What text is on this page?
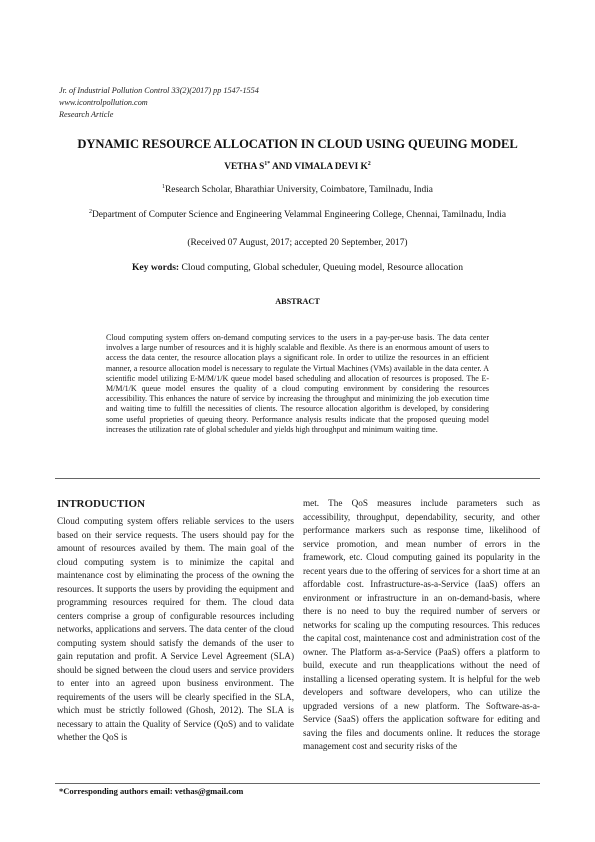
Jr. of Industrial Pollution Control 33(2)(2017) pp 1547-1554
www.icontrolpollution.com
Research Article
DYNAMIC RESOURCE ALLOCATION IN CLOUD USING QUEUING MODEL
VETHA $S^{1*}$ AND VIMALA DEVI $K^2$
$^1$Research Scholar, Bharathiar University, Coimbatore, Tamilnadu, India
$^2$Department of Computer Science and Engineering Velammal Engineering College, Chennai, Tamilnadu, India
(Received 07 August, 2017; accepted 20 September, 2017)
Key words: Cloud computing, Global scheduler, Queuing model, Resource allocation
ABSTRACT
Cloud computing system offers on-demand computing services to the users in a pay-per-use basis. The data center involves a large number of resources and it is highly scalable and flexible. As there is an enormous amount of users to access the data center, the resource allocation plays a significant role. In order to utilize the resources in an efficient manner, a resource allocation model is necessary to regulate the Virtual Machines (VMs) available in the data center. A scientific model utilizing E-M/M/1/K queue model based scheduling and allocation of resources is proposed. The E-M/M/1/K queue model ensures the quality of a cloud computing environment by considering the resources accessibility. This enhances the nature of service by increasing the throughput and minimizing the job execution time and waiting time to fulfill the necessities of clients. The resource allocation algorithm is developed, by considering some useful proprieties of queuing theory. Performance analysis results indicate that the proposed queuing model increases the utilization rate of global scheduler and yields high throughput and minimum waiting time.
INTRODUCTION
Cloud computing system offers reliable services to the users based on their service requests. The users should pay for the amount of resources availed by them. The main goal of the cloud computing system is to minimize the capital and maintenance cost by eliminating the process of the owning the resources. It supports the users by providing the equipment and programming resources required for them. The cloud data centers comprise a group of configurable resources including networks, applications and servers. The data center of the cloud computing system should satisfy the demands of the user to gain reputation and profit. A Service Level Agreement (SLA) should be signed between the cloud users and service providers to enter into an agreed upon business environment. The requirements of the users will be clearly specified in the SLA, which must be strictly followed (Ghosh, 2012). The SLA is necessary to attain the Quality of Service (QoS) and to validate whether the QoS is
met. The QoS measures include parameters such as accessibility, throughput, dependability, security, and other performance markers such as response time, likelihood of service promotion, and mean number of errors in the framework, etc. Cloud computing gained its popularity in the recent years due to the offering of services for a short time at an affordable cost. Infrastructure-as-a-Service (IaaS) offers an environment or infrastructure in an on-demand-basis, where there is no need to buy the required number of servers or networks for scaling up the computing resources. This reduces the capital cost, maintenance cost and administration cost of the owner. The Platform as-a-Service (PaaS) offers a platform to build, execute and run theapplications without the need of installing a licensed operating system. It is helpful for the web developers and software developers, who can utilize the upgraded versions of a new platform. The Software-as-a-Service (SaaS) offers the application software for editing and saving the files and documents online. It reduces the storage management cost and security risks of the
*Corresponding authors email: vethas@gmail.com
